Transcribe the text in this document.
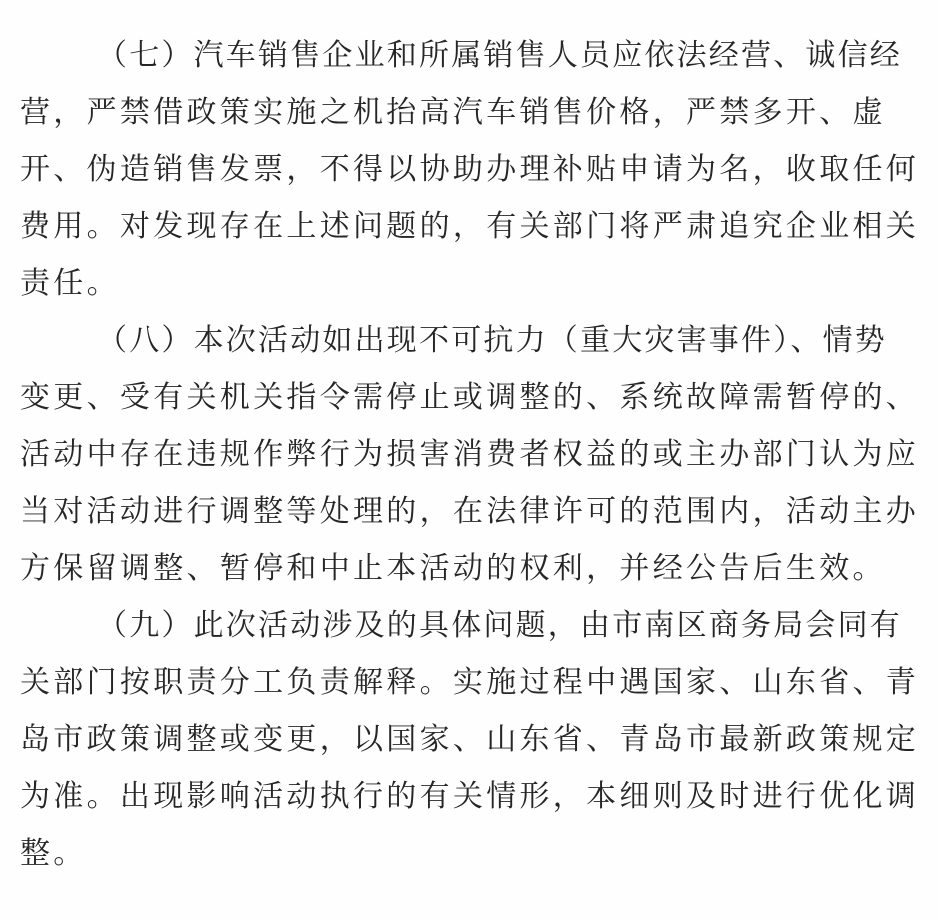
（七）汽车销售企业和所属销售人员应依法经营、诚信经
营，严禁借政策实施之机抬高汽车销售价格，严禁多开、虚
开、伪造销售发票，不得以协助办理补贴申请为名，收取任何
费用。对发现存在上述问题的，有关部门将严肃追究企业相关
责任。
（八）本次活动如出现不可抗力（重大灾害事件）、情势
变更、受有关机关指令需停止或调整的、系统故障需暂停的、
活动中存在违规作弊行为损害消费者权益的或主办部门认为应
当对活动进行调整等处理的，在法律许可的范围内，活动主办
方保留调整、暂停和中止本活动的权利，并经公告后生效。
（九）此次活动涉及的具体问题，由市南区商务局会同有
关部门按职责分工负责解释。实施过程中遇国家、山东省、青
岛市政策调整或变更，以国家、山东省、青岛市最新政策规定
为准。出现影响活动执行的有关情形，本细则及时进行优化调
整。
